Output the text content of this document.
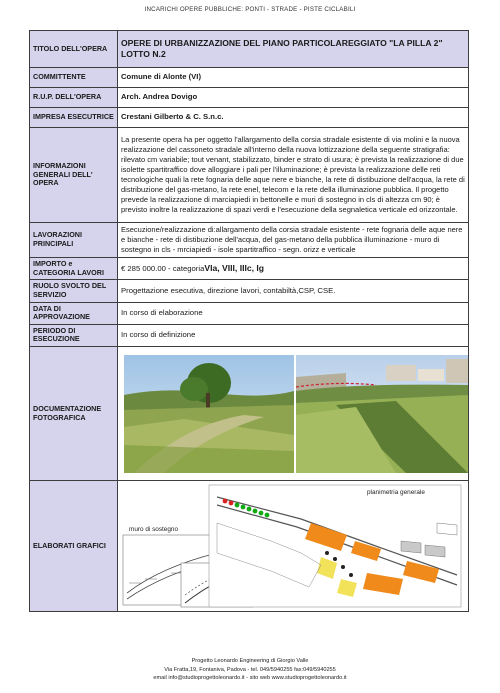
INCARICHI OPERE PUBBLICHE: PONTI - STRADE - PISTE CICLABILI
TITOLO DELL'OPERA	OPERE DI URBANIZZAZIONE DEL PIANO PARTICOLAREGGIATO "LA PILLA 2" LOTTO N.2
COMMITTENTE	Comune di Alonte (VI)
R.U.P. DELL'OPERA	Arch. Andrea Dovigo
IMPRESA ESECUTRICE	Crestani Gilberto & C. S.n.c.
INFORMAZIONI GENERALI DELL' OPERA	La presente opera ha per oggetto l'allargamento della corsia stradale esistente di via molini e la nuova realizzazione del cassoneto stradale all'interno della nuova lottizzazione della seguente stratigrafia: rilevato cm variabile; tout venant, stabilizzato, binder e strato di usura; è prevista la realizzazione di due isolette spartitraffico dove alloggiare i pali per l'illuminazione; è prevista la realizzazione delle reti tecnologiche quali la rete fognaria delle aque nere e bianche, la rete di distibuzione dell'acqua, la rete di distribuzione del gas-metano, la rete enel, telecom e la rete della illuminazione pubblica. Il progetto prevede la realizzazione di marciapiedi in bettonelle e muri di sostegno in cls di altezza cm 90; è previsto inoltre la realizzazione di spazi verdi e l'esecuzione della segnaletica verticale ed orizzontale.
LAVORAZIONI PRINCIPALI	Esecuzione/realizzazione di:allargamento della corsia stradale esistente - rete fognaria delle aque nere e bianche - rete di distibuzione dell'acqua, del gas-metano della pubblica illuminazione - muro di sostegno in cls - mrciapiedi - isole spartitraffico - segn. orizz e verticale
IMPORTO e CATEGORIA LAVORI	€ 285 000.00 - categoriaVIa, VIII, IIIc, Ig
RUOLO SVOLTO DEL SERVIZIO	Progettazione esecutiva, direzione lavori, contabiltà,CSP, CSE.
DATA DI APPROVAZIONE	In corso di elaborazione
PERIODO DI ESECUZIONE	In corso di definizione
DOCUMENTAZIONE FOTOGRAFICA	

ELABORATI GRAFICI	planimetria generale
muro di sostegno
Progetto Leonardo Engineering di Giorgio Valle
Via Fratta,19, Fontaniva, Padova - tel. 049/5940255 fax:049/5940255
email info@studioprogettoleonardo.it - sito web www.studioprogettoleonardo.it
